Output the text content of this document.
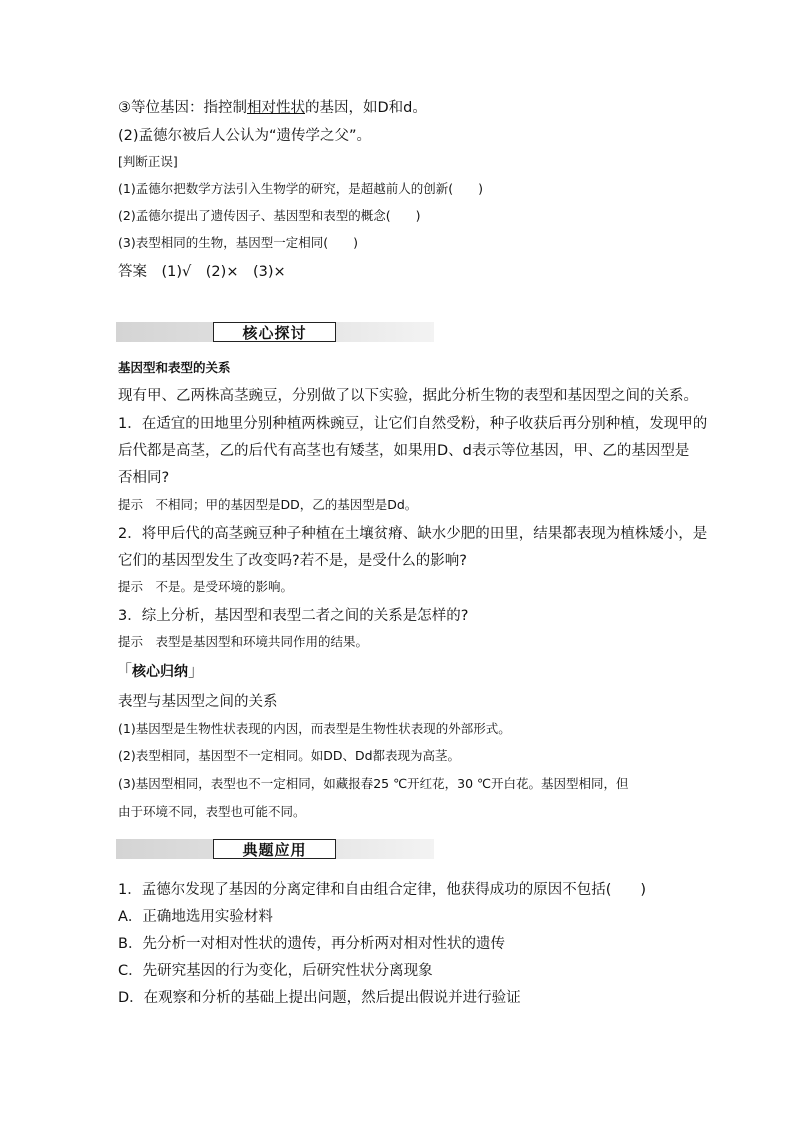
③等位基因：指控制相对性状的基因，如D和d。
(2)孟德尔被后人公认为“遗传学之父”。
[判断正误]
(1)孟德尔把数学方法引入生物学的研究，是超越前人的创新(　　)
(2)孟德尔提出了遗传因子、基因型和表型的概念(　　)
(3)表型相同的生物，基因型一定相同(　　)
答案　(1)√　(2)×　(3)×
核心探讨
基因型和表型的关系
现有甲、乙两株高茎豌豆，分别做了以下实验，据此分析生物的表型和基因型之间的关系。
1．在适宜的田地里分别种植两株豌豆，让它们自然受粉，种子收获后再分别种植，发现甲的
后代都是高茎，乙的后代有高茎也有矮茎，如果用D、d表示等位基因，甲、乙的基因型是
否相同?
提示　不相同；甲的基因型是DD，乙的基因型是Dd。
2．将甲后代的高茎豌豆种子种植在土壤贫瘠、缺水少肥的田里，结果都表现为植株矮小，是
它们的基因型发生了改变吗?若不是，是受什么的影响?
提示　不是。是受环境的影响。
3．综上分析，基因型和表型二者之间的关系是怎样的?
提示　表型是基因型和环境共同作用的结果。
「核心归纳」
表型与基因型之间的关系
(1)基因型是生物性状表现的内因，而表型是生物性状表现的外部形式。
(2)表型相同，基因型不一定相同。如DD、Dd都表现为高茎。
(3)基因型相同，表型也不一定相同，如藏报春25 ℃开红花，30 ℃开白花。基因型相同，但
由于环境不同，表型也可能不同。
典题应用
1．孟德尔发现了基因的分离定律和自由组合定律，他获得成功的原因不包括(　　)
A．正确地选用实验材料
B．先分析一对相对性状的遗传，再分析两对相对性状的遗传
C．先研究基因的行为变化，后研究性状分离现象
D．在观察和分析的基础上提出问题，然后提出假说并进行验证
